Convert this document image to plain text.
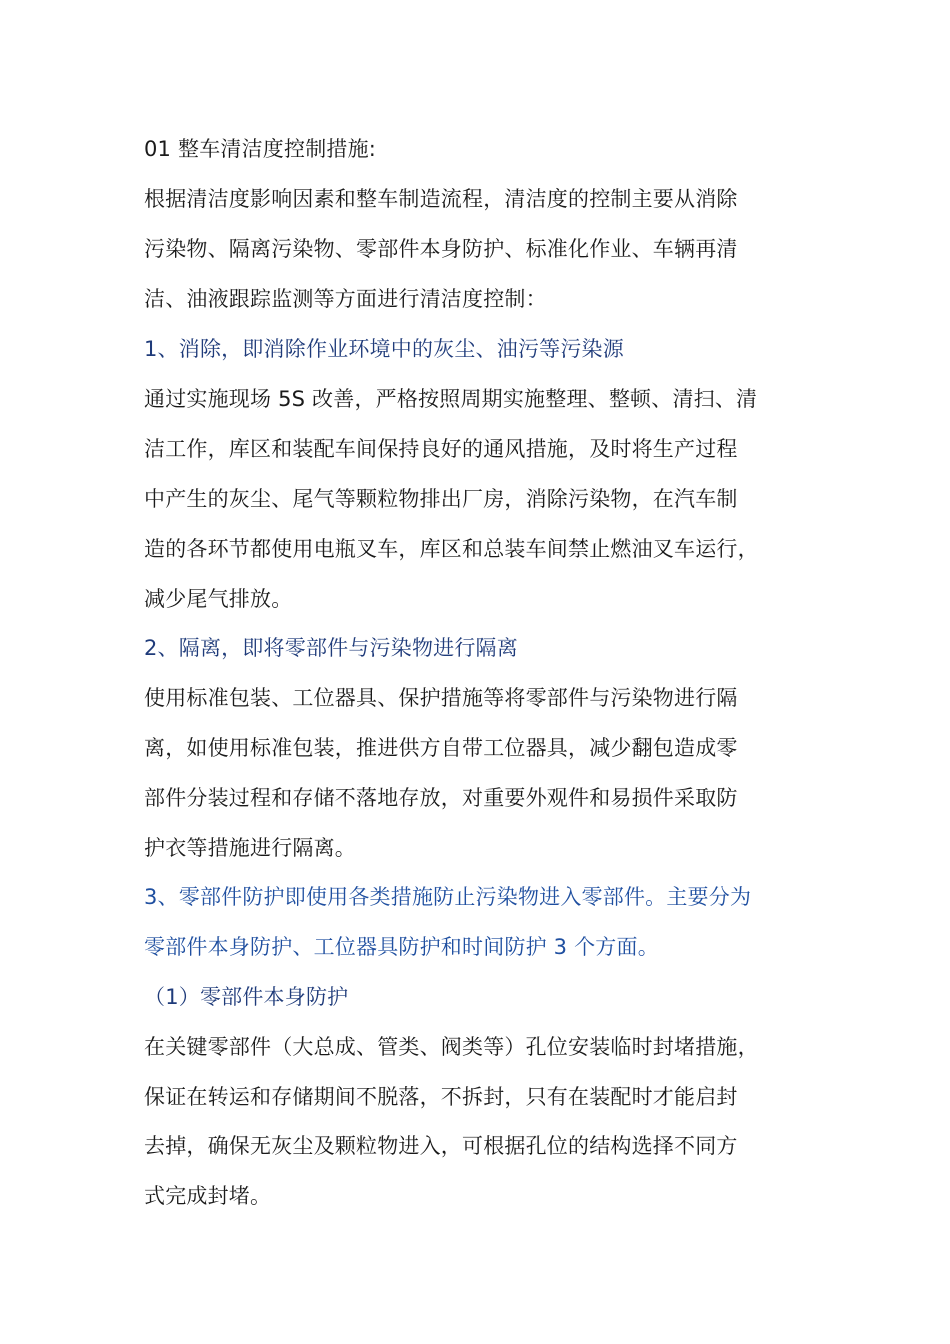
01 整车清洁度控制措施:
根据清洁度影响因素和整车制造流程，清洁度的控制主要从消除
污染物、隔离污染物、零部件本身防护、标准化作业、车辆再清
洁、油液跟踪监测等方面进行清洁度控制：
1、消除，即消除作业环境中的灰尘、油污等污染源
通过实施现场 5S 改善，严格按照周期实施整理、整顿、清扫、清
洁工作，库区和装配车间保持良好的通风措施，及时将生产过程
中产生的灰尘、尾气等颗粒物排出厂房，消除污染物，在汽车制
造的各环节都使用电瓶叉车，库区和总装车间禁止燃油叉车运行，
减少尾气排放。
2、隔离，即将零部件与污染物进行隔离
使用标准包装、工位器具、保护措施等将零部件与污染物进行隔
离，如使用标准包装，推进供方自带工位器具，减少翻包造成零
部件分装过程和存储不落地存放，对重要外观件和易损件采取防
护衣等措施进行隔离。
3、零部件防护即使用各类措施防止污染物进入零部件。主要分为
零部件本身防护、工位器具防护和时间防护 3 个方面。
（1）零部件本身防护
在关键零部件（大总成、管类、阀类等）孔位安装临时封堵措施，
保证在转运和存储期间不脱落，不拆封，只有在装配时才能启封
去掉，确保无灰尘及颗粒物进入，可根据孔位的结构选择不同方
式完成封堵。
